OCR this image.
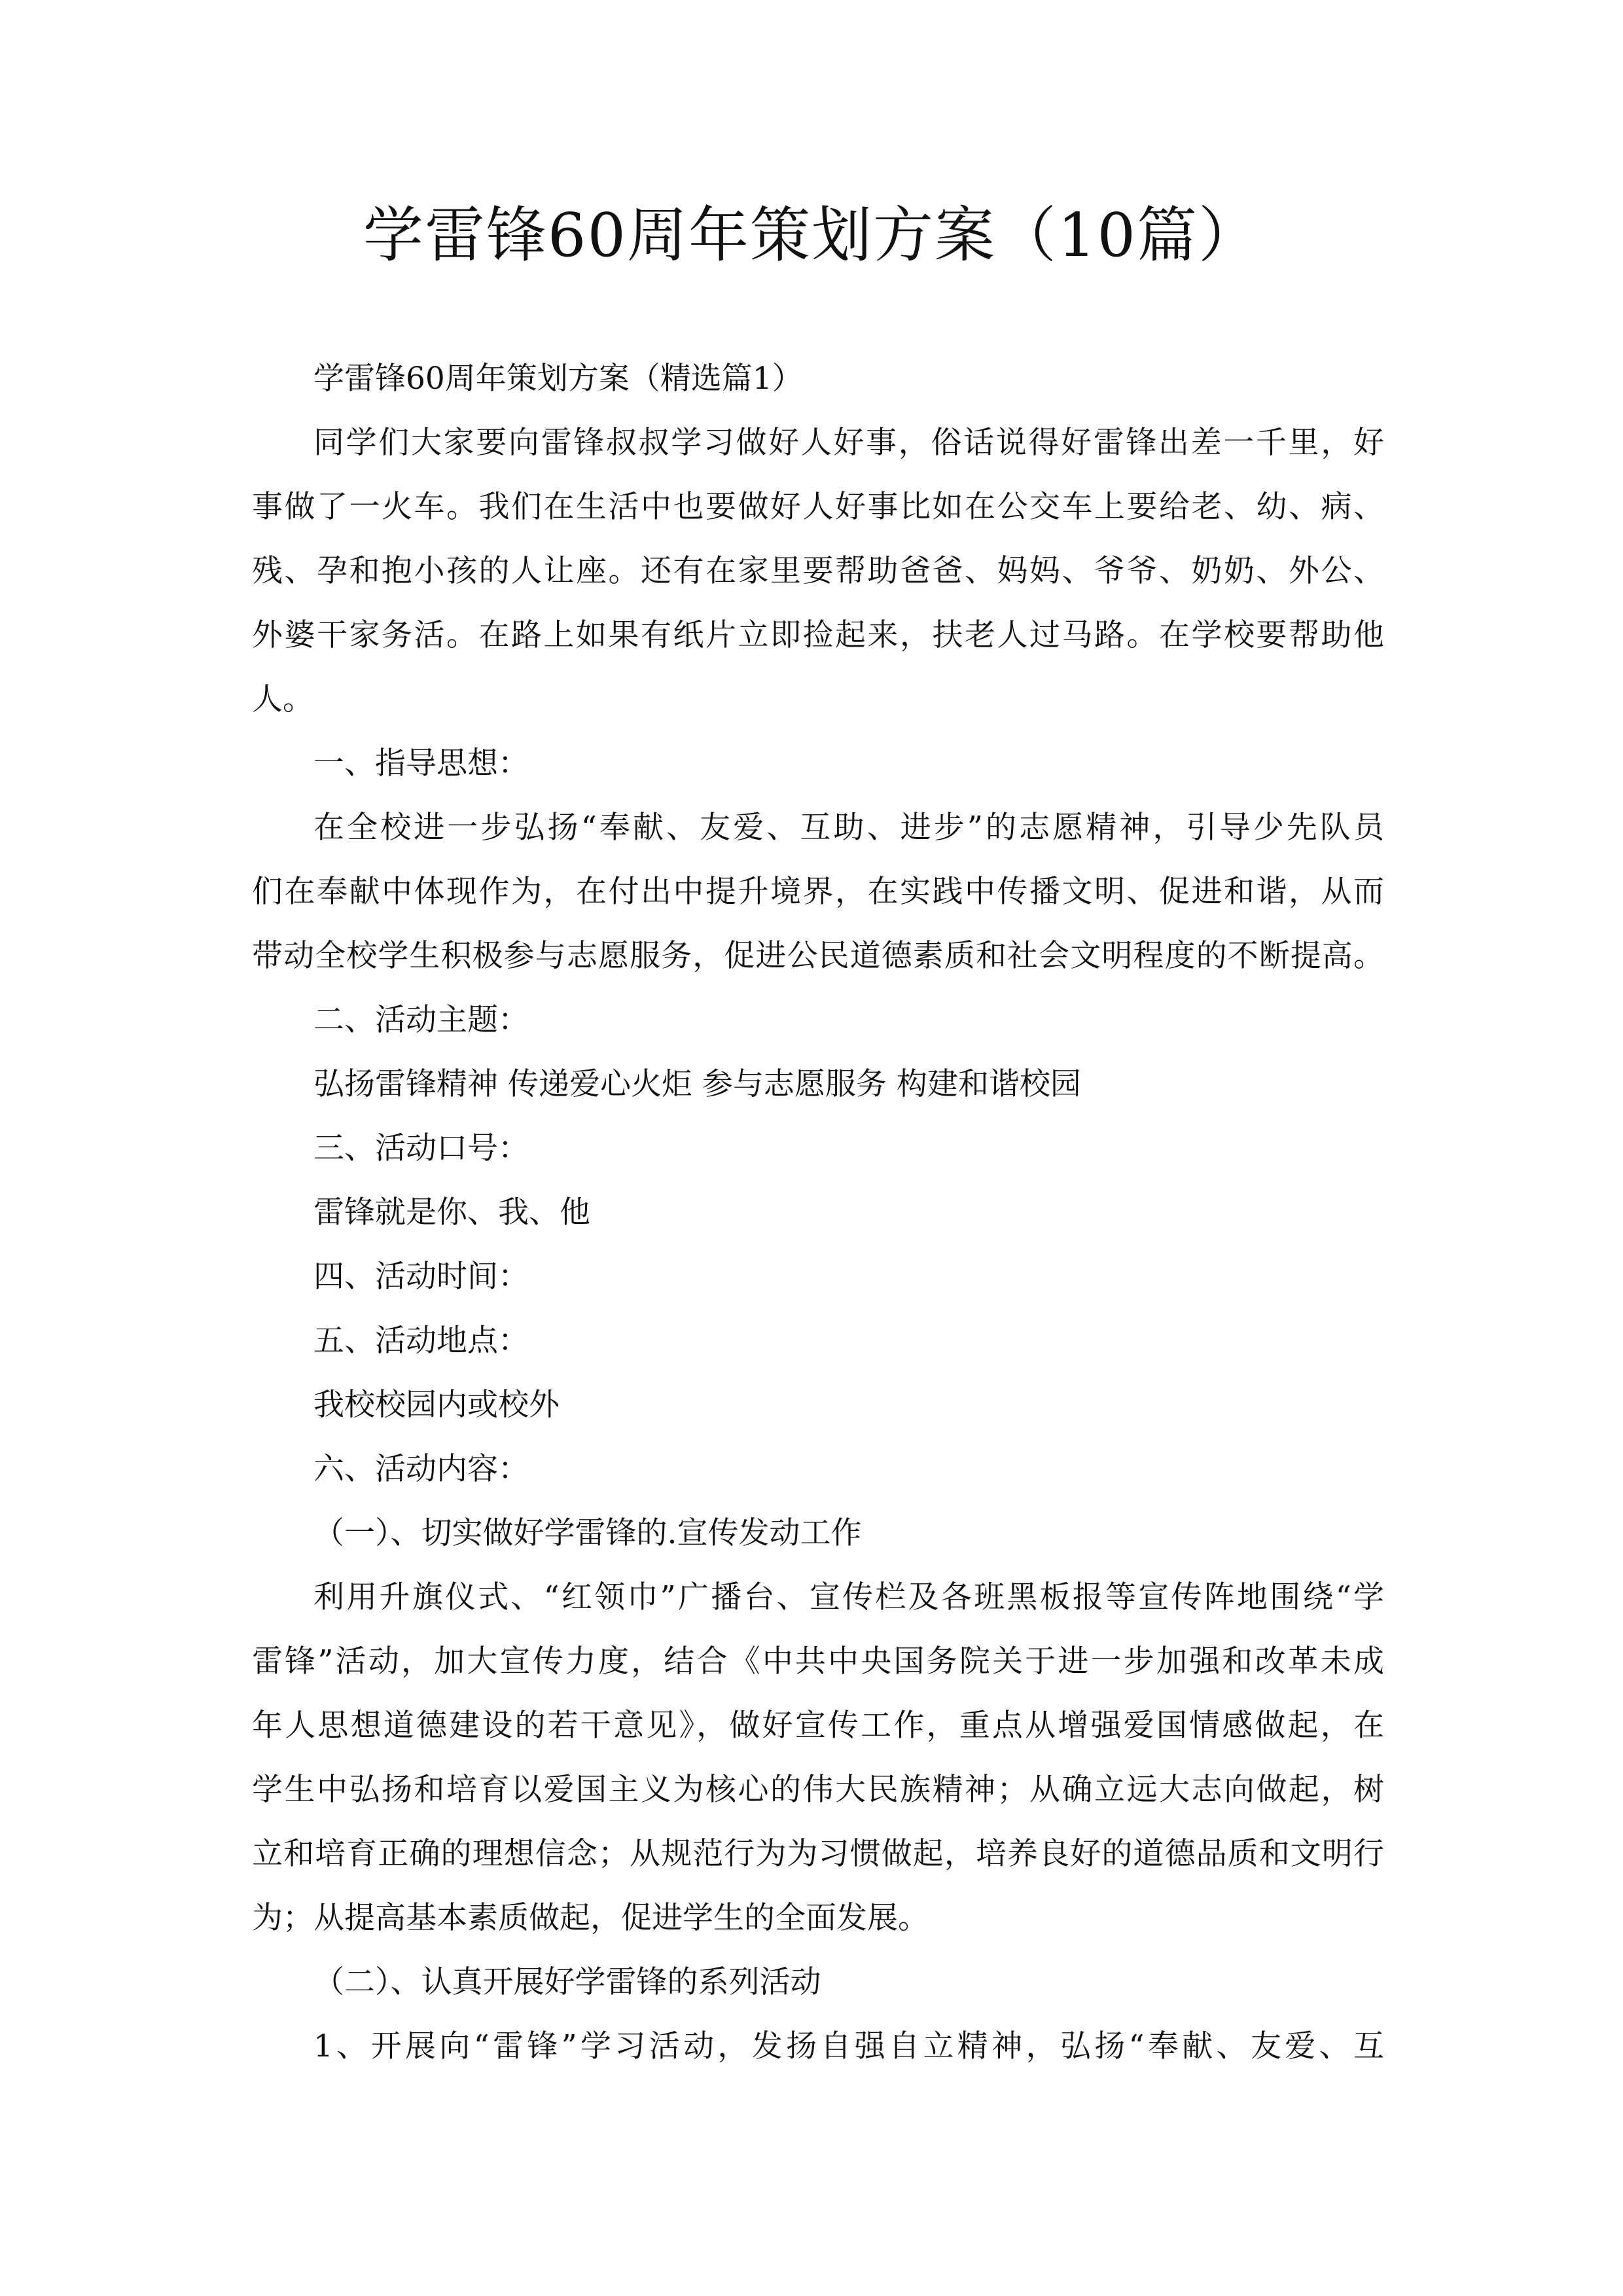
学雷锋60周年策划方案（10篇）
学雷锋60周年策划方案（精选篇1）
同学们大家要向雷锋叔叔学习做好人好事，俗话说得好雷锋出差一千里，好
事做了一火车。我们在生活中也要做好人好事比如在公交车上要给老、幼、病、
残、孕和抱小孩的人让座。还有在家里要帮助爸爸、妈妈、爷爷、奶奶、外公、
外婆干家务活。在路上如果有纸片立即捡起来，扶老人过马路。在学校要帮助他
人。
一、指导思想：
在全校进一步弘扬“奉献、友爱、互助、进步”的志愿精神，引导少先队员
们在奉献中体现作为，在付出中提升境界，在实践中传播文明、促进和谐，从而
带动全校学生积极参与志愿服务，促进公民道德素质和社会文明程度的不断提高。
二、活动主题：
弘扬雷锋精神 传递爱心火炬 参与志愿服务 构建和谐校园
三、活动口号：
雷锋就是你、我、他
四、活动时间：
五、活动地点：
我校校园内或校外
六、活动内容：
（一）、切实做好学雷锋的.宣传发动工作
利用升旗仪式、“红领巾”广播台、宣传栏及各班黑板报等宣传阵地围绕“学
雷锋”活动，加大宣传力度，结合《中共中央国务院关于进一步加强和改革未成
年人思想道德建设的若干意见》，做好宣传工作，重点从增强爱国情感做起，在
学生中弘扬和培育以爱国主义为核心的伟大民族精神；从确立远大志向做起，树
立和培育正确的理想信念；从规范行为为习惯做起，培养良好的道德品质和文明行
为；从提高基本素质做起，促进学生的全面发展。
（二）、认真开展好学雷锋的系列活动
1、开展向“雷锋”学习活动，发扬自强自立精神，弘扬“奉献、友爱、互
